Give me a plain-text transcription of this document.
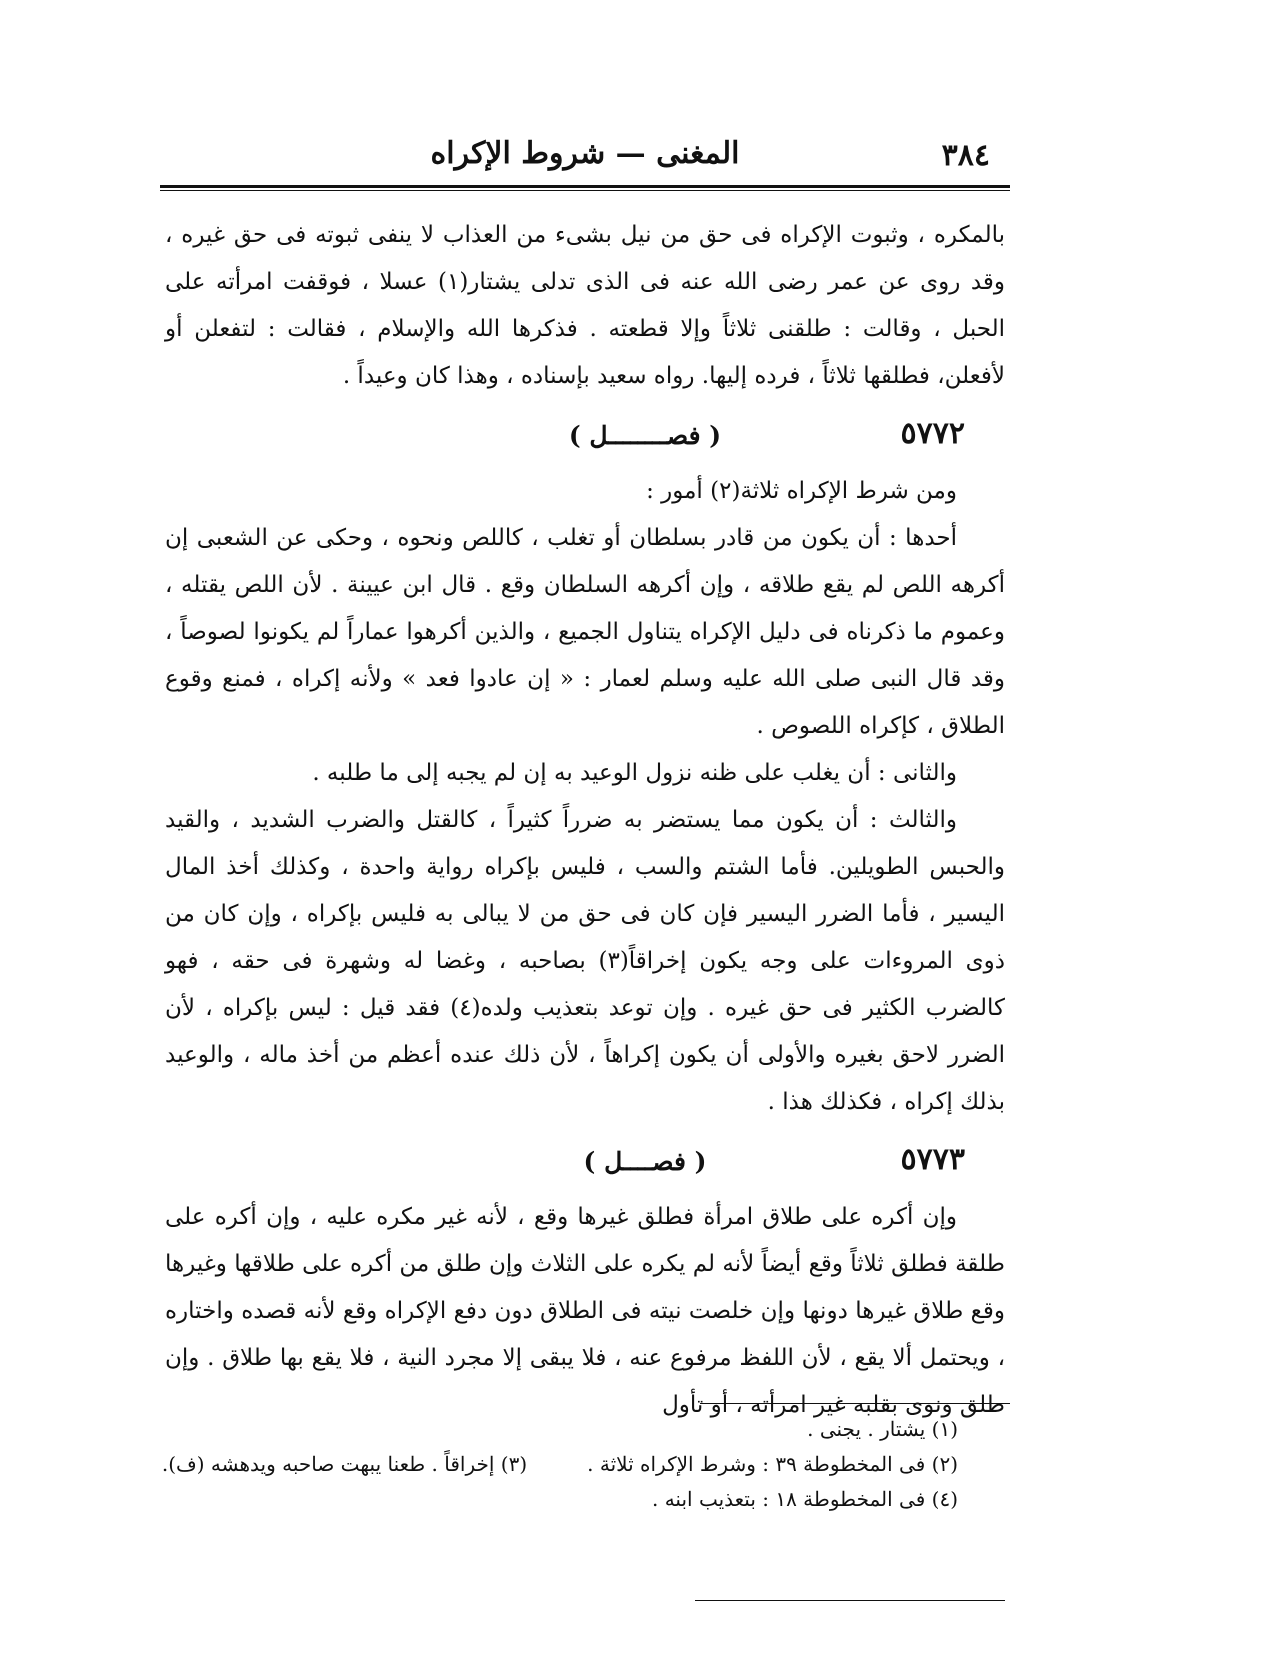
٣٨٤
المغنى — شروط الإكراه

بالمكره ، وثبوت الإكراه فى حق من نيل بشىء من العذاب لا ينفى ثبوته فى حق غيره ، وقد روى عن عمر رضى الله عنه فى الذى تدلى يشتار(١) عسلا ، فوقفت امرأته على الحبل ، وقالت : طلقنى ثلاثاً وإلا قطعته . فذكرها الله والإسلام ، فقالت : لتفعلن أو لأفعلن، فطلقها ثلاثاً ، فرده إليها. رواه سعيد بإسناده ، وهذا كان وعيداً .

٥٧٧٢
( فصــــــــل )

ومن شرط الإكراه ثلاثة(٢) أمور :

أحدها : أن يكون من قادر بسلطان أو تغلب ، كاللص ونحوه ، وحكى عن الشعبى إن أكرهه اللص لم يقع طلاقه ، وإن أكرهه السلطان وقع . قال ابن عيينة . لأن اللص يقتله ، وعموم ما ذكرناه فى دليل الإكراه يتناول الجميع ، والذين أكرهوا عماراً لم يكونوا لصوصاً ، وقد قال النبى صلى الله عليه وسلم لعمار : « إن عادوا فعد » ولأنه إكراه ، فمنع وقوع الطلاق ، كإكراه اللصوص .

والثانى : أن يغلب على ظنه نزول الوعيد به إن لم يجبه إلى ما طلبه .

والثالث : أن يكون مما يستضر به ضرراً كثيراً ، كالقتل والضرب الشديد ، والقيد والحبس الطويلين. فأما الشتم والسب ، فليس بإكراه رواية واحدة ، وكذلك أخذ المال اليسير ، فأما الضرر اليسير فإن كان فى حق من لا يبالى به فليس بإكراه ، وإن كان من ذوى المروءات على وجه يكون إخراقاً(٣) بصاحبه ، وغضا له وشهرة فى حقه ، فهو كالضرب الكثير فى حق غيره . وإن توعد بتعذيب ولده(٤) فقد قيل : ليس بإكراه ، لأن الضرر لاحق بغيره والأولى أن يكون إكراهاً ، لأن ذلك عنده أعظم من أخذ ماله ، والوعيد بذلك إكراه ، فكذلك هذا .

٥٧٧٣
( فصــــل )

وإن أكره على طلاق امرأة فطلق غيرها وقع ، لأنه غير مكره عليه ، وإن أكره على طلقة فطلق ثلاثاً وقع أيضاً لأنه لم يكره على الثلاث وإن طلق من أكره على طلاقها وغيرها وقع طلاق غيرها دونها وإن خلصت نيته فى الطلاق دون دفع الإكراه وقع لأنه قصده واختاره ، ويحتمل ألا يقع ، لأن اللفظ مرفوع عنه ، فلا يبقى إلا مجرد النية ، فلا يقع بها طلاق . وإن طلق ونوى بقلبه غير امرأته ، أو تأول

(١) يشتار . يجنى .
(٢) فى المخطوطة ٣٩ : وشرط الإكراه ثلاثة .
(٣) إخراقاً . طعنا يبهت صاحبه ويدهشه (ف).
(٤) فى المخطوطة ١٨ : بتعذيب ابنه .
